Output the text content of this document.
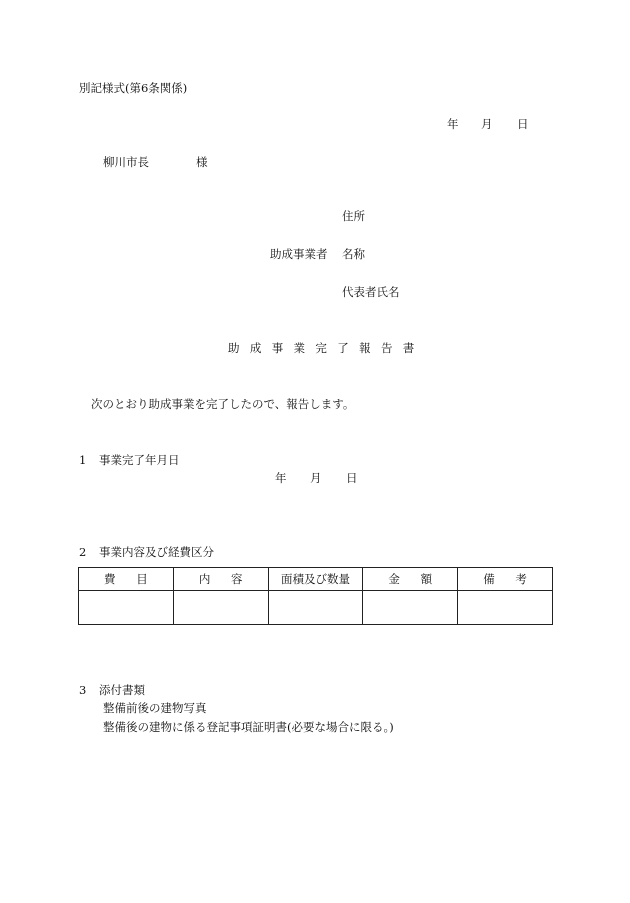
別記様式(第6条関係)
年 月 日
柳川市長	様
住所
助成事業者 名称
代表者氏名
助成事業完了報告書
次のとおり助成事業を完了したので、報告します。
1 事業完了年月日
年 月 日
2 事業内容及び経費区分
費目	内容	面積及び数量	金額	備考

3 添付書類
整備前後の建物写真
整備後の建物に係る登記事項証明書(必要な場合に限る。)
